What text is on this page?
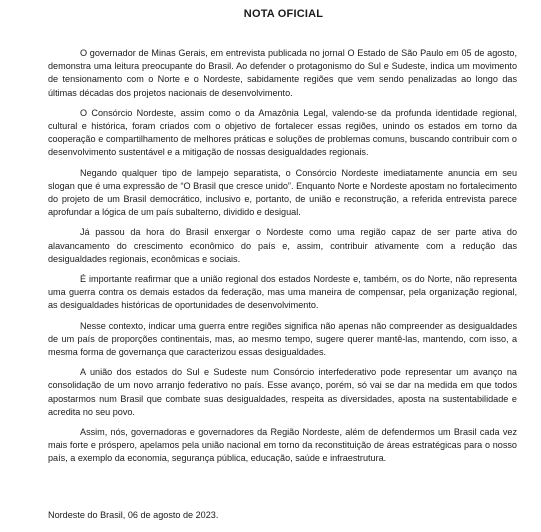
NOTA OFICIAL

O governador de Minas Gerais, em entrevista publicada no jornal O Estado de São Paulo em 05 de agosto, demonstra uma leitura preocupante do Brasil. Ao defender o protagonismo do Sul e Sudeste, indica um movimento de tensionamento com o Norte e o Nordeste, sabidamente regiões que vem sendo penalizadas ao longo das últimas décadas dos projetos nacionais de desenvolvimento.

O Consórcio Nordeste, assim como o da Amazônia Legal, valendo-se da profunda identidade regional, cultural e histórica, foram criados com o objetivo de fortalecer essas regiões, unindo os estados em torno da cooperação e compartilhamento de melhores práticas e soluções de problemas comuns, buscando contribuir com o desenvolvimento sustentável e a mitigação de nossas desigualdades regionais.

Negando qualquer tipo de lampejo separatista, o Consórcio Nordeste imediatamente anuncia em seu slogan que é uma expressão de “O Brasil que cresce unido”. Enquanto Norte e Nordeste apostam no fortalecimento do projeto de um Brasil democrático, inclusivo e, portanto, de união e reconstrução, a referida entrevista parece aprofundar a lógica de um país subalterno, dividido e desigual.

Já passou da hora do Brasil enxergar o Nordeste como uma região capaz de ser parte ativa do alavancamento do crescimento econômico do país e, assim, contribuir ativamente com a redução das desigualdades regionais, econômicas e sociais.

É importante reafirmar que a união regional dos estados Nordeste e, também, os do Norte, não representa uma guerra contra os demais estados da federação, mas uma maneira de compensar, pela organização regional, as desigualdades históricas de oportunidades de desenvolvimento.

Nesse contexto, indicar uma guerra entre regiões significa não apenas não compreender as desigualdades de um país de proporções continentais, mas, ao mesmo tempo, sugere querer mantê-las, mantendo, com isso, a mesma forma de governança que caracterizou essas desigualdades.

A união dos estados do Sul e Sudeste num Consórcio interfederativo pode representar um avanço na consolidação de um novo arranjo federativo no país. Esse avanço, porém, só vai se dar na medida em que todos apostarmos num Brasil que combate suas desigualdades, respeita as diversidades, aposta na sustentabilidade e acredita no seu povo.

Assim, nós, governadoras e governadores da Região Nordeste, além de defendermos um Brasil cada vez mais forte e próspero, apelamos pela união nacional em torno da reconstituição de áreas estratégicas para o nosso país, a exemplo da economia, segurança pública, educação, saúde e infraestrutura.

Nordeste do Brasil, 06 de agosto de 2023.
